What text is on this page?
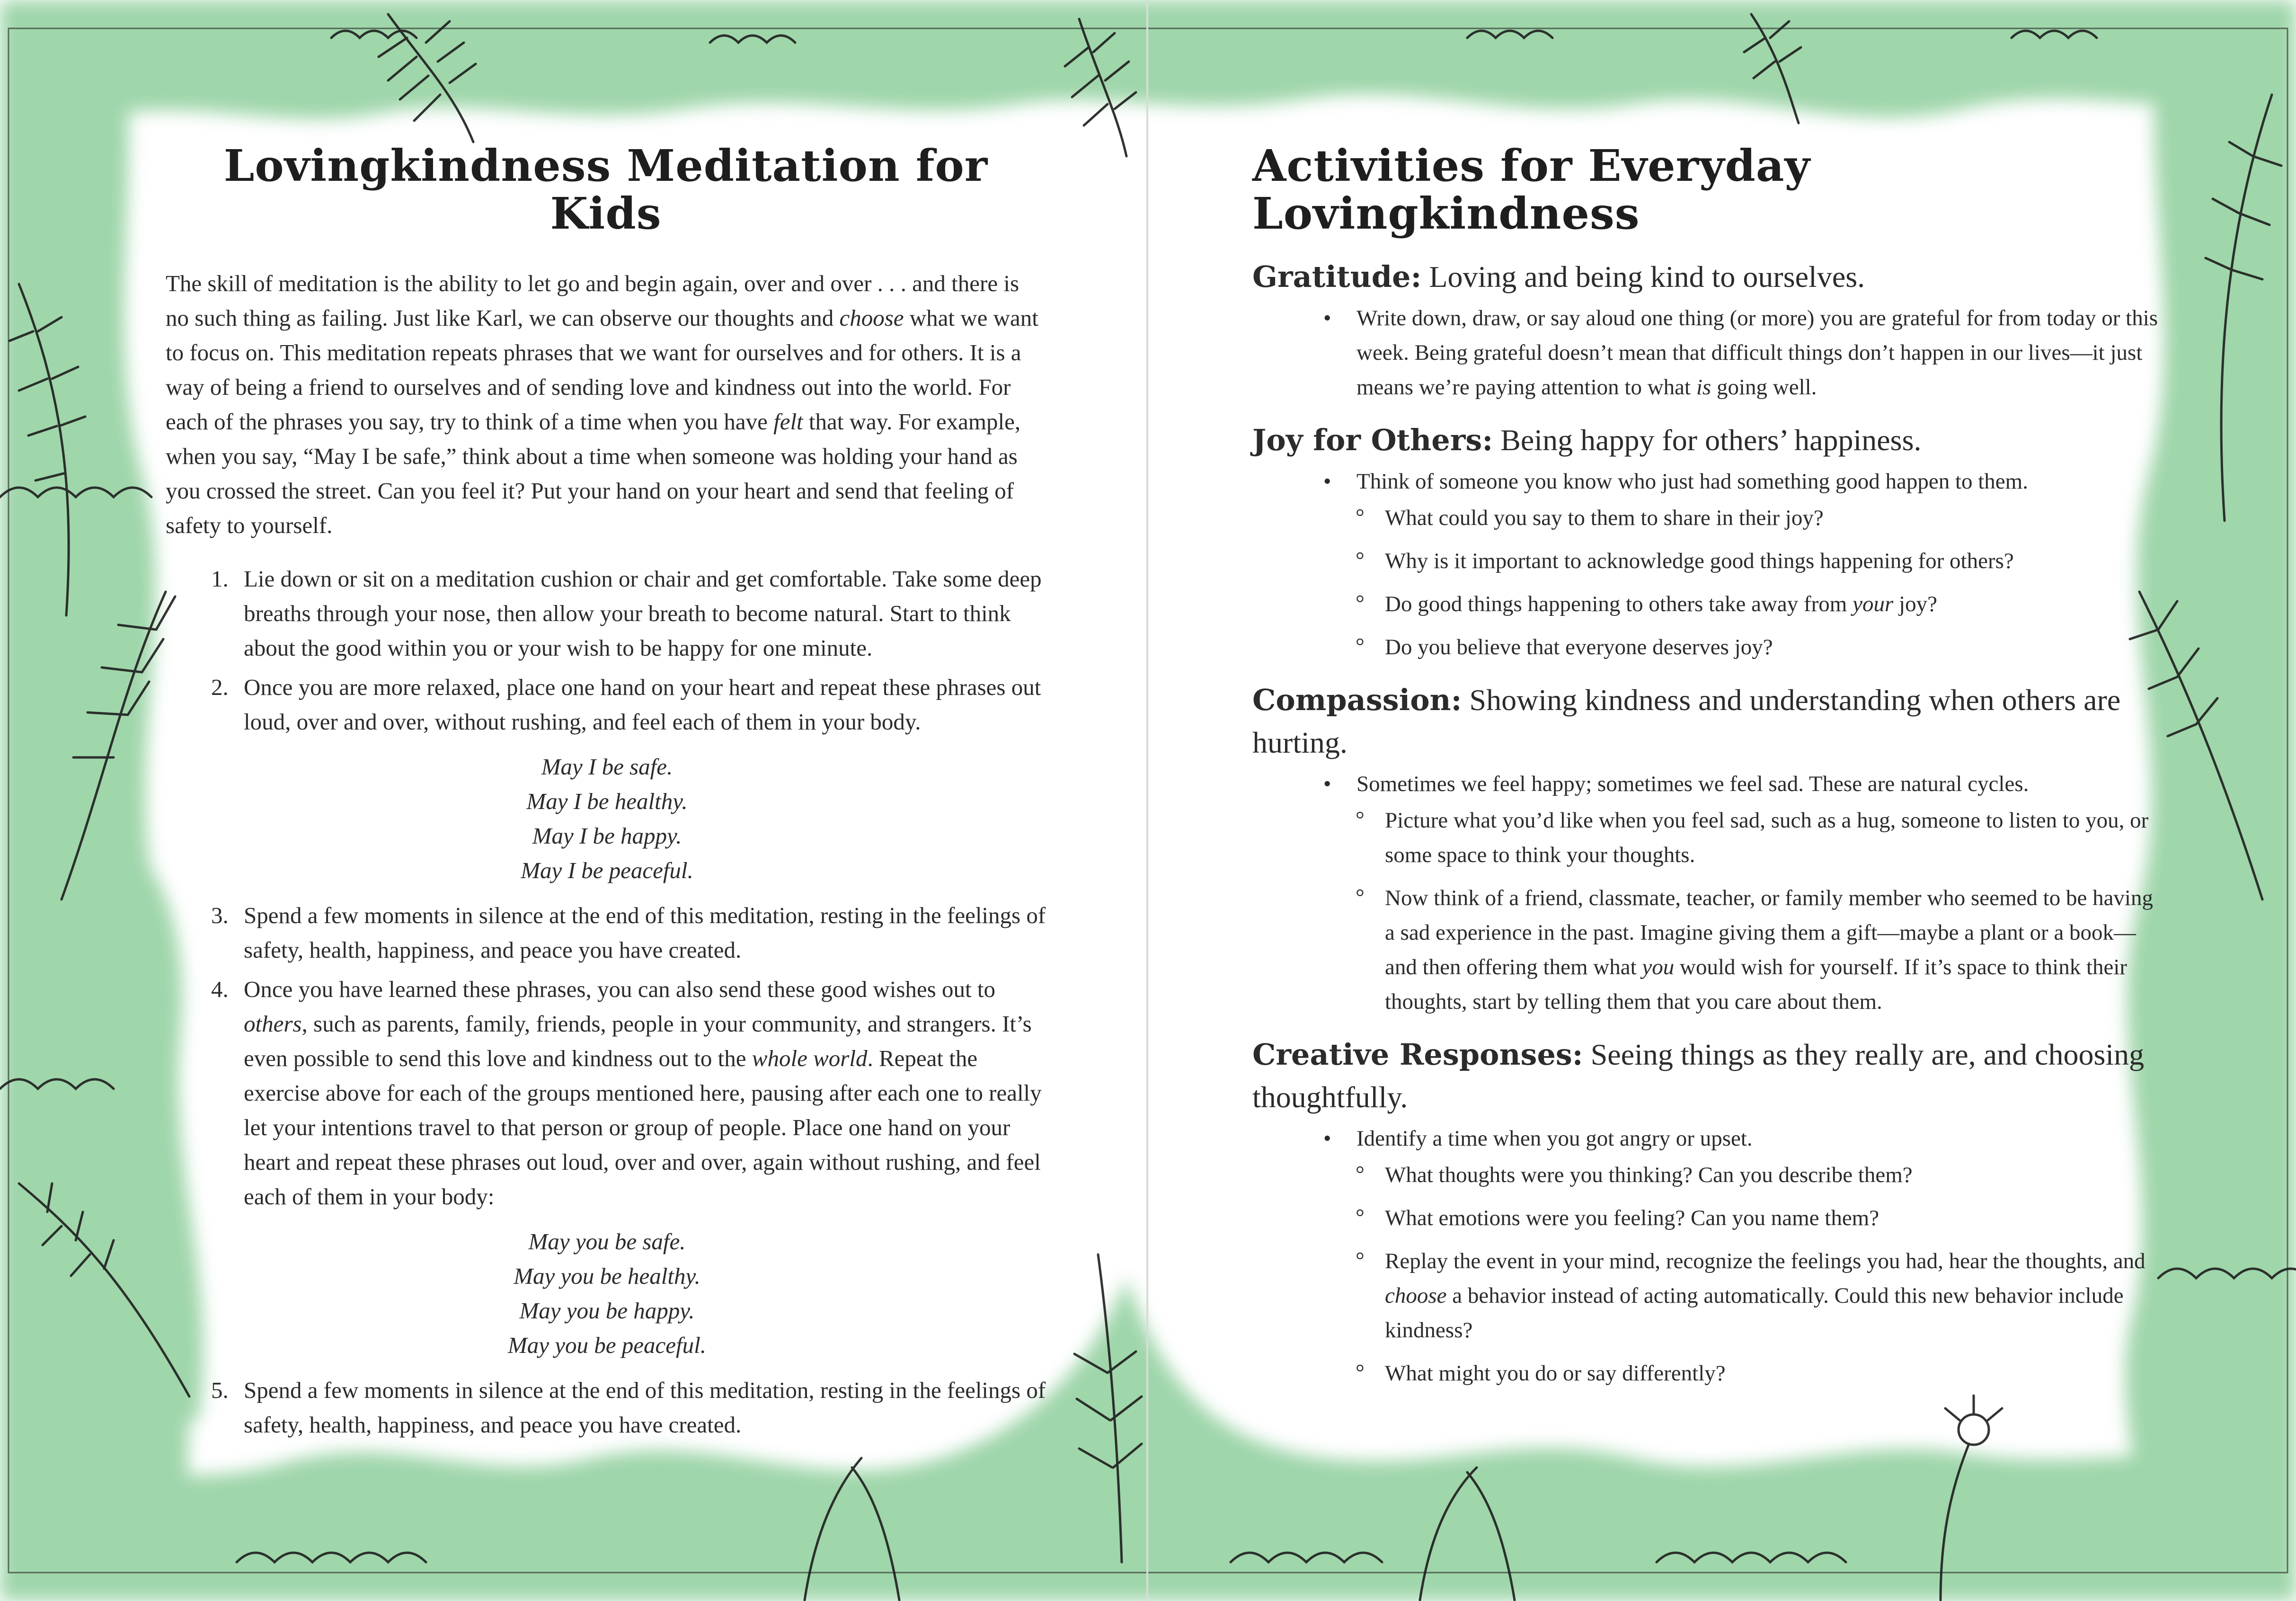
Lovingkindness Meditation for Kids

The skill of meditation is the ability to let go and begin again, over and over . . . and there is no such thing as failing. Just like Karl, we can observe our thoughts and choose what we want to focus on. This meditation repeats phrases that we want for ourselves and for others. It is a way of being a friend to ourselves and of sending love and kindness out into the world. For each of the phrases you say, try to think of a time when you have felt that way. For example, when you say, “May I be safe,” think about a time when someone was holding your hand as you crossed the street. Can you feel it? Put your hand on your heart and send that feeling of safety to yourself.

1. Lie down or sit on a meditation cushion or chair and get comfortable. Take some deep breaths through your nose, then allow your breath to become natural. Start to think about the good within you or your wish to be happy for one minute.
2. Once you are more relaxed, place one hand on your heart and repeat these phrases out loud, over and over, without rushing, and feel each of them in your body.
May I be safe.
May I be healthy.
May I be happy.
May I be peaceful.
3. Spend a few moments in silence at the end of this meditation, resting in the feelings of safety, health, happiness, and peace you have created.
4. Once you have learned these phrases, you can also send these good wishes out to others, such as parents, family, friends, people in your community, and strangers. It’s even possible to send this love and kindness out to the whole world. Repeat the exercise above for each of the groups mentioned here, pausing after each one to really let your intentions travel to that person or group of people. Place one hand on your heart and repeat these phrases out loud, over and over, again without rushing, and feel each of them in your body:
May you be safe.
May you be healthy.
May you be happy.
May you be peaceful.
5. Spend a few moments in silence at the end of this meditation, resting in the feelings of safety, health, happiness, and peace you have created.
Activities for Everyday Lovingkindness
Gratitude: Loving and being kind to ourselves.
• Write down, draw, or say aloud one thing (or more) you are grateful for from today or this week. Being grateful doesn’t mean that difficult things don’t happen in our lives—it just means we’re paying attention to what is going well.
Joy for Others: Being happy for others’ happiness.
• Think of someone you know who just had something good happen to them.
° What could you say to them to share in their joy?
° Why is it important to acknowledge good things happening for others?
° Do good things happening to others take away from your joy?
° Do you believe that everyone deserves joy?
Compassion: Showing kindness and understanding when others are hurting.
• Sometimes we feel happy; sometimes we feel sad. These are natural cycles.
° Picture what you’d like when you feel sad, such as a hug, someone to listen to you, or some space to think your thoughts.
° Now think of a friend, classmate, teacher, or family member who seemed to be having a sad experience in the past. Imagine giving them a gift—maybe a plant or a book—and then offering them what you would wish for yourself. If it’s space to think their thoughts, start by telling them that you care about them.
Creative Responses: Seeing things as they really are, and choosing thoughtfully.
• Identify a time when you got angry or upset.
° What thoughts were you thinking? Can you describe them?
° What emotions were you feeling? Can you name them?
° Replay the event in your mind, recognize the feelings you had, hear the thoughts, and choose a behavior instead of acting automatically. Could this new behavior include kindness?
° What might you do or say differently?
